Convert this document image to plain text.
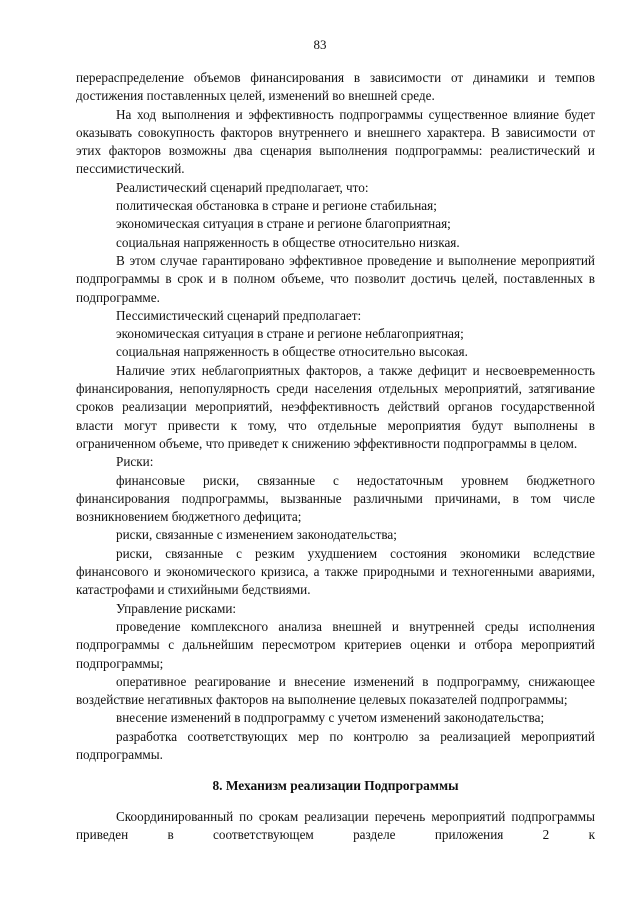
83

перераспределение объемов финансирования в зависимости от динамики и темпов достижения поставленных целей, изменений во внешней среде.

На ход выполнения и эффективность подпрограммы существенное влияние будет оказывать совокупность факторов внутреннего и внешнего характера. В зависимости от этих факторов возможны два сценария выполнения подпрограммы: реалистический и пессимистический.

Реалистический сценарий предполагает, что:

политическая обстановка в стране и регионе стабильная;

экономическая ситуация в стране и регионе благоприятная;

социальная напряженность в обществе относительно низкая.

В этом случае гарантировано эффективное проведение и выполнение мероприятий подпрограммы в срок и в полном объеме, что позволит достичь целей, поставленных в подпрограмме.

Пессимистический сценарий предполагает:

экономическая ситуация в стране и регионе неблагоприятная;

социальная напряженность в обществе относительно высокая.

Наличие этих неблагоприятных факторов, а также дефицит и несвоевременность финансирования, непопулярность среди населения отдельных мероприятий, затягивание сроков реализации мероприятий, неэффективность действий органов государственной власти могут привести к тому, что отдельные мероприятия будут выполнены в ограниченном объеме, что приведет к снижению эффективности подпрограммы в целом.

Риски:

финансовые риски, связанные с недостаточным уровнем бюджетного финансирования подпрограммы, вызванные различными причинами, в том числе возникновением бюджетного дефицита;

риски, связанные с изменением законодательства;

риски, связанные с резким ухудшением состояния экономики вследствие финансового и экономического кризиса, а также природными и техногенными авариями, катастрофами и стихийными бедствиями.

Управление рисками:

проведение комплексного анализа внешней и внутренней среды исполнения подпрограммы с дальнейшим пересмотром критериев оценки и отбора мероприятий подпрограммы;

оперативное реагирование и внесение изменений в подпрограмму, снижающее воздействие негативных факторов на выполнение целевых показателей подпрограммы;

внесение изменений в подпрограмму с учетом изменений законодательства;

разработка соответствующих мер по контролю за реализацией мероприятий подпрограммы.

8. Механизм реализации Подпрограммы

Скоординированный по срокам реализации перечень мероприятий подпрограммы приведен в соответствующем разделе приложения 2 к
